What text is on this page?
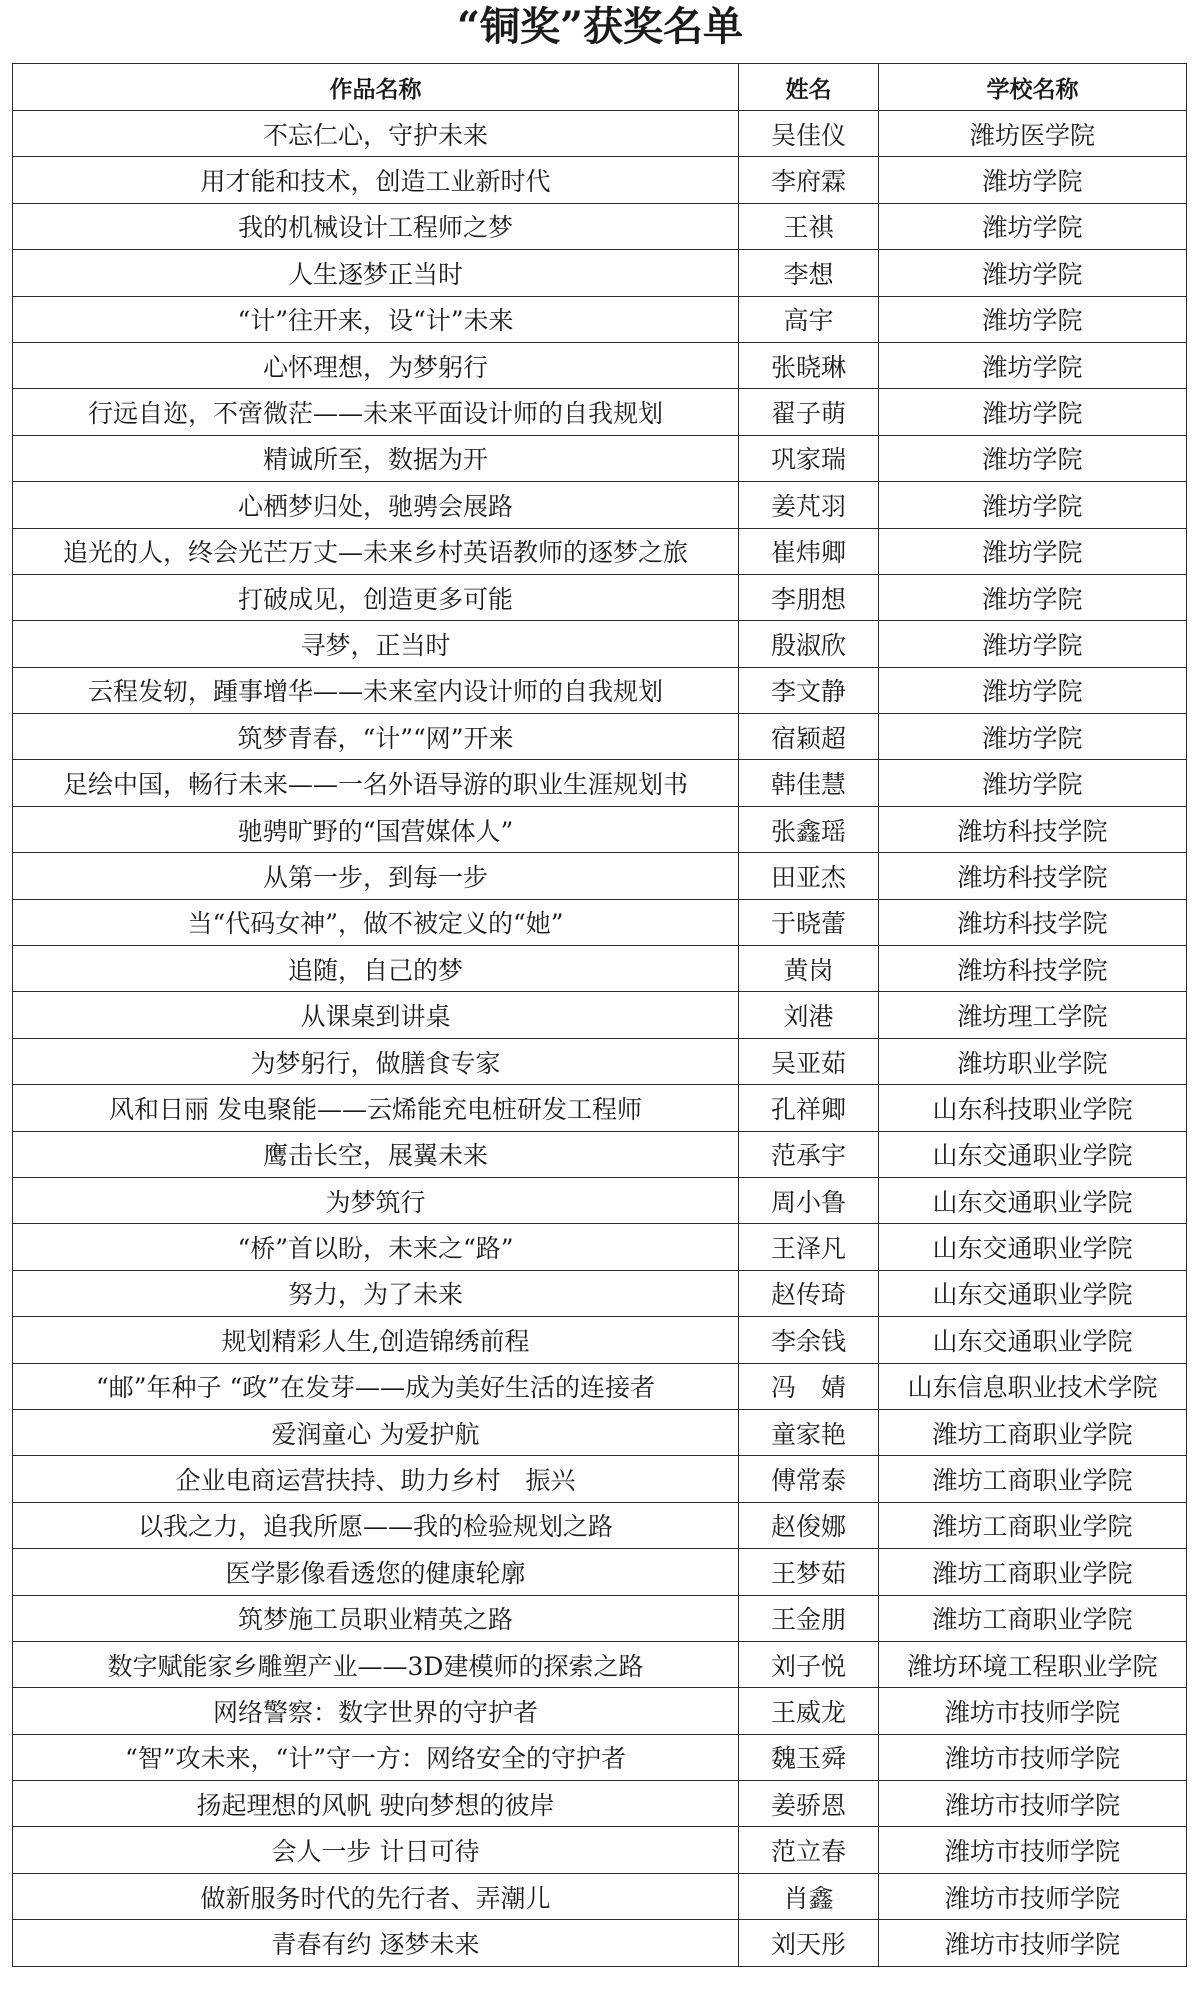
“铜奖”获奖名单
作品名称	姓名	学校名称
不忘仁心，守护未来	吴佳仪	潍坊医学院
用才能和技术，创造工业新时代	李府霖	潍坊学院
我的机械设计工程师之梦	王祺	潍坊学院
人生逐梦正当时	李想	潍坊学院
“计”往开来，设“计”未来	高宇	潍坊学院
心怀理想，为梦躬行	张晓琳	潍坊学院
行远自迩，不啻微茫——未来平面设计师的自我规划	翟子萌	潍坊学院
精诚所至，数据为开	巩家瑞	潍坊学院
心栖梦归处，驰骋会展路	姜芃羽	潍坊学院
追光的人，终会光芒万丈—未来乡村英语教师的逐梦之旅	崔炜卿	潍坊学院
打破成见，创造更多可能	李朋想	潍坊学院
寻梦，正当时	殷淑欣	潍坊学院
云程发轫，踵事增华——未来室内设计师的自我规划	李文静	潍坊学院
筑梦青春，“计”“网”开来	宿颖超	潍坊学院
足绘中国，畅行未来——一名外语导游的职业生涯规划书	韩佳慧	潍坊学院
驰骋旷野的“国营媒体人”	张鑫瑶	潍坊科技学院
从第一步，到每一步	田亚杰	潍坊科技学院
当“代码女神”，做不被定义的“她”	于晓蕾	潍坊科技学院
追随，自己的梦	黄岗	潍坊科技学院
从课桌到讲桌	刘港	潍坊理工学院
为梦躬行，做膳食专家	吴亚茹	潍坊职业学院
风和日丽 发电聚能——云烯能充电桩研发工程师	孔祥卿	山东科技职业学院
鹰击长空，展翼未来	范承宇	山东交通职业学院
为梦筑行	周小鲁	山东交通职业学院
“桥”首以盼，未来之“路”	王泽凡	山东交通职业学院
努力，为了未来	赵传琦	山东交通职业学院
规划精彩人生,创造锦绣前程	李余钱	山东交通职业学院
“邮”年种子 “政”在发芽——成为美好生活的连接者	冯　婧	山东信息职业技术学院
爱润童心 为爱护航	童家艳	潍坊工商职业学院
企业电商运营扶持、助力乡村　振兴	傅常泰	潍坊工商职业学院
以我之力，追我所愿——我的检验规划之路	赵俊娜	潍坊工商职业学院
医学影像看透您的健康轮廓	王梦茹	潍坊工商职业学院
筑梦施工员职业精英之路	王金朋	潍坊工商职业学院
数字赋能家乡雕塑产业——3D建模师的探索之路	刘子悦	潍坊环境工程职业学院
网络警察：数字世界的守护者	王威龙	潍坊市技师学院
“智”攻未来，“计”守一方：网络安全的守护者	魏玉舜	潍坊市技师学院
扬起理想的风帆 驶向梦想的彼岸	姜骄恩	潍坊市技师学院
会人一步 计日可待	范立春	潍坊市技师学院
做新服务时代的先行者、弄潮儿	肖鑫	潍坊市技师学院
青春有约 逐梦未来	刘天彤	潍坊市技师学院
